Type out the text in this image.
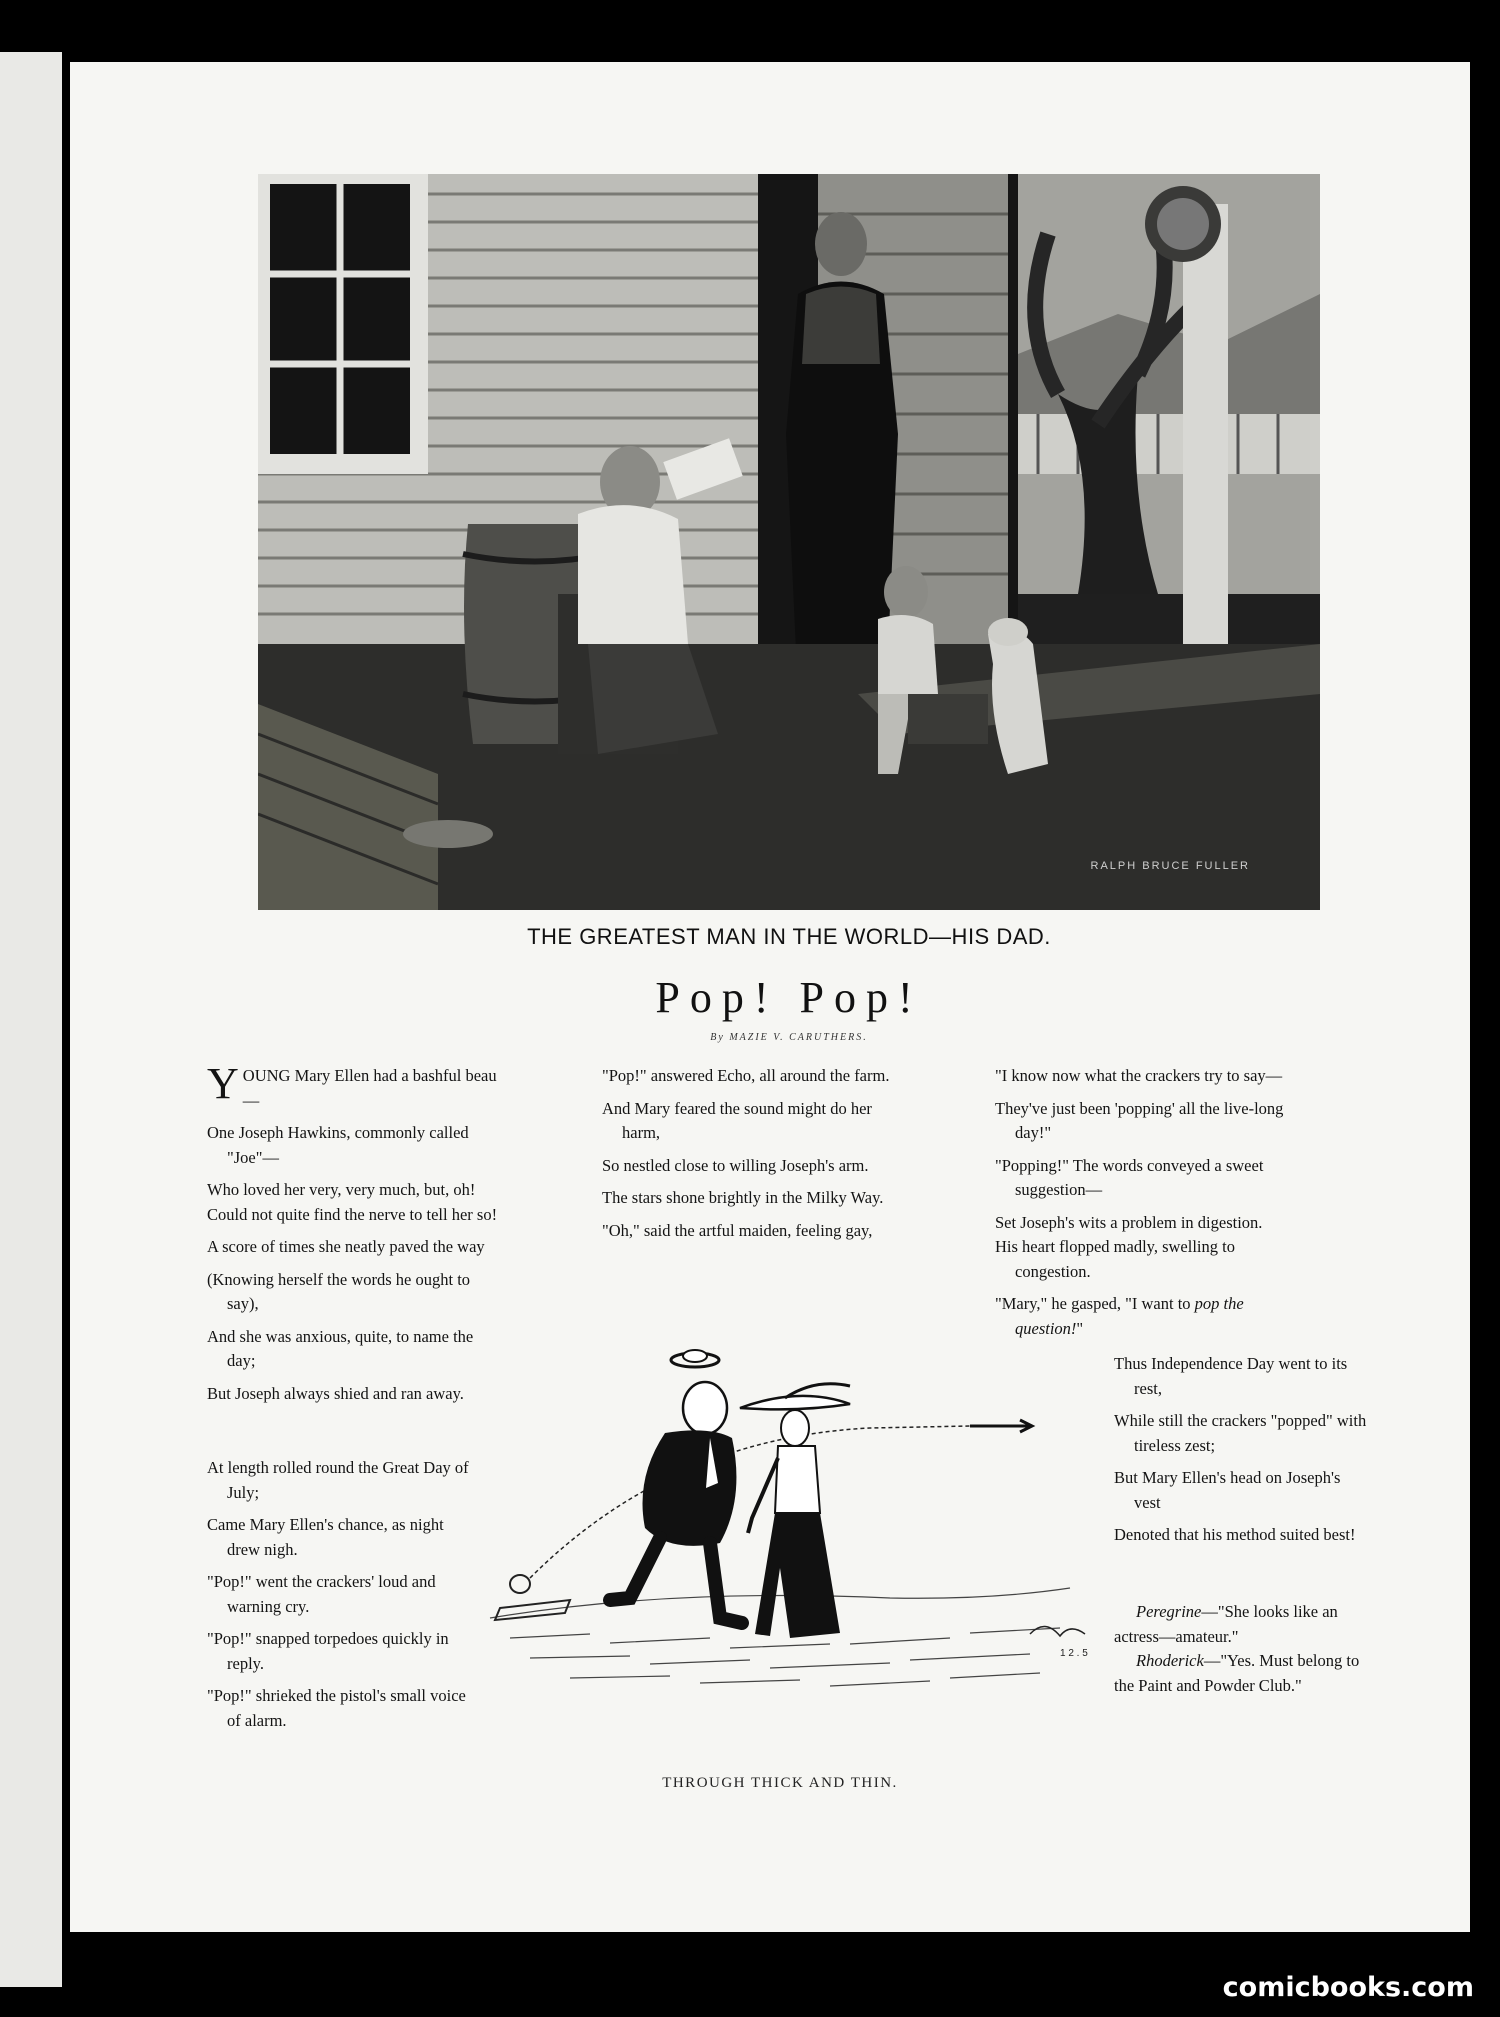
RALPH BRUCE FULLER
THE GREATEST MAN IN THE WORLD—HIS DAD.
Pop! Pop!
By MAZIE V. CARUTHERS.

YOUNG Mary Ellen had a bashful beau—

One Joseph Hawkins, commonly called "Joe"—

Who loved her very, very much, but, oh!

Could not quite find the nerve to tell her so!

A score of times she neatly paved the way

(Knowing herself the words he ought to say),

And she was anxious, quite, to name the day;

But Joseph always shied and ran away.

At length rolled round the Great Day of July;

Came Mary Ellen's chance, as night drew nigh.

"Pop!" went the crackers' loud and warning cry.

"Pop!" snapped torpedoes quickly in reply.

"Pop!" shrieked the pistol's small voice of alarm.

"Pop!" answered Echo, all around the farm.

And Mary feared the sound might do her harm,

So nestled close to willing Joseph's arm.

The stars shone brightly in the Milky Way.

"Oh," said the artful maiden, feeling gay,

"I know now what the crackers try to say—

They've just been 'popping' all the live-long day!"

"Popping!" The words conveyed a sweet suggestion—

Set Joseph's wits a problem in digestion.

His heart flopped madly, swelling to congestion.

"Mary," he gasped, "I want to pop the question!"

Thus Independence Day went to its rest,

While still the crackers "popped" with tireless zest;

But Mary Ellen's head on Joseph's vest

Denoted that his method suited best!

Peregrine—"She looks like an actress—amateur."

Rhoderick—"Yes. Must belong to the Paint and Powder Club."

1 2 . 5
THROUGH THICK AND THIN.
comicbooks.com
